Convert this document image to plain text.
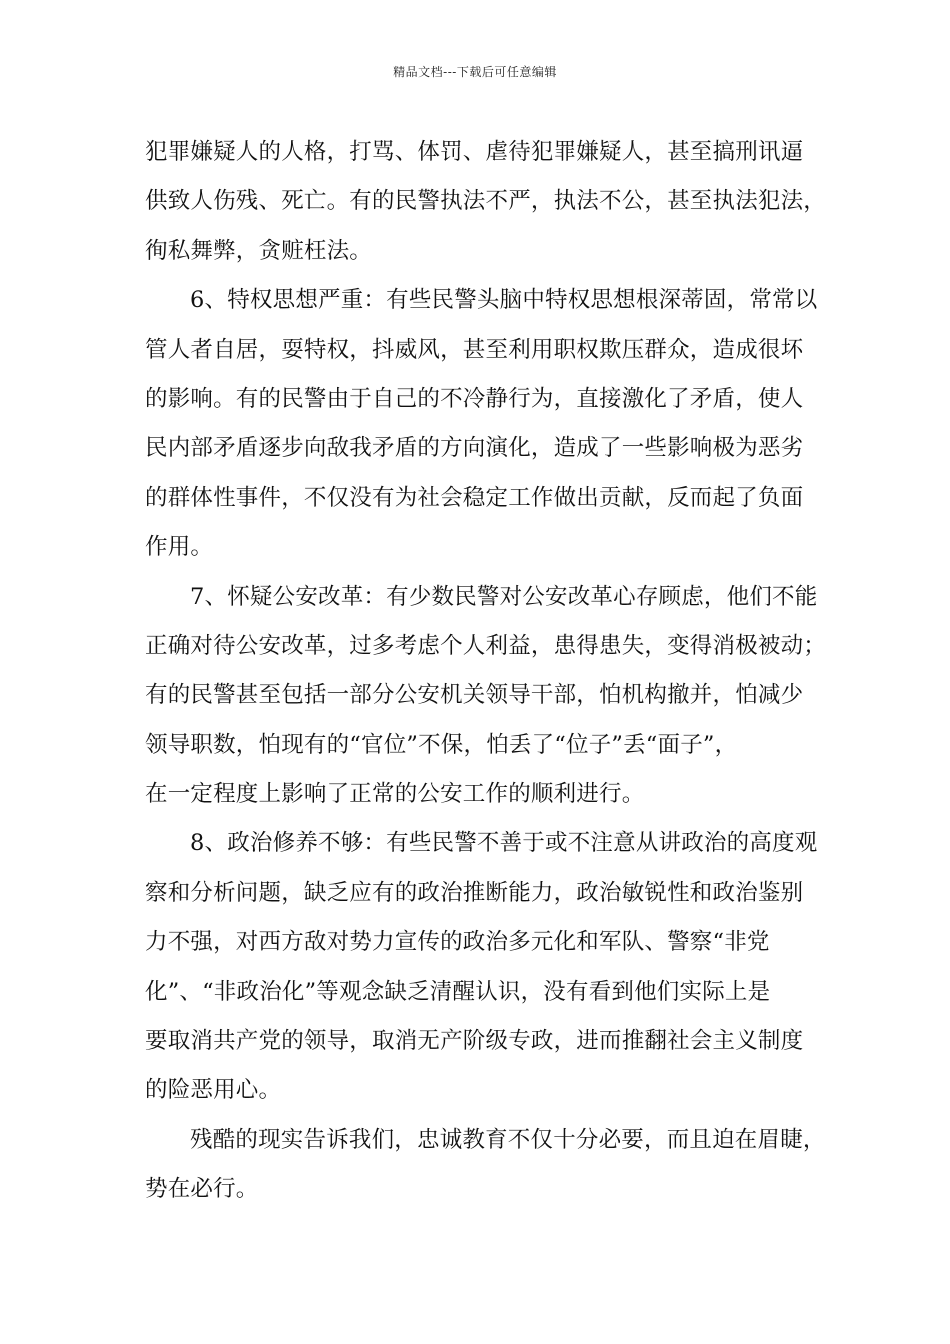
精品文档---下载后可任意编辑
犯罪嫌疑人的人格，打骂、体罚、虐待犯罪嫌疑人，甚至搞刑讯逼
供致人伤残、死亡。有的民警执法不严，执法不公，甚至执法犯法，
徇私舞弊，贪赃枉法。
6、特权思想严重：有些民警头脑中特权思想根深蒂固，常常以
管人者自居，耍特权，抖威风，甚至利用职权欺压群众，造成很坏
的影响。有的民警由于自己的不冷静行为，直接激化了矛盾，使人
民内部矛盾逐步向敌我矛盾的方向演化，造成了一些影响极为恶劣
的群体性事件，不仅没有为社会稳定工作做出贡献，反而起了负面
作用。
7、怀疑公安改革：有少数民警对公安改革心存顾虑，他们不能
正确对待公安改革，过多考虑个人利益，患得患失，变得消极被动；
有的民警甚至包括一部分公安机关领导干部，怕机构撤并，怕减少
领导职数，怕现有的“官位”不保，怕丢了“位子”丢“面子”，
在一定程度上影响了正常的公安工作的顺利进行。
8、政治修养不够：有些民警不善于或不注意从讲政治的高度观
察和分析问题，缺乏应有的政治推断能力，政治敏锐性和政治鉴别
力不强，对西方敌对势力宣传的政治多元化和军队、警察“非党
化”、“非政治化”等观念缺乏清醒认识，没有看到他们实际上是
要取消共产党的领导，取消无产阶级专政，进而推翻社会主义制度
的险恶用心。
残酷的现实告诉我们，忠诚教育不仅十分必要，而且迫在眉睫，
势在必行。
